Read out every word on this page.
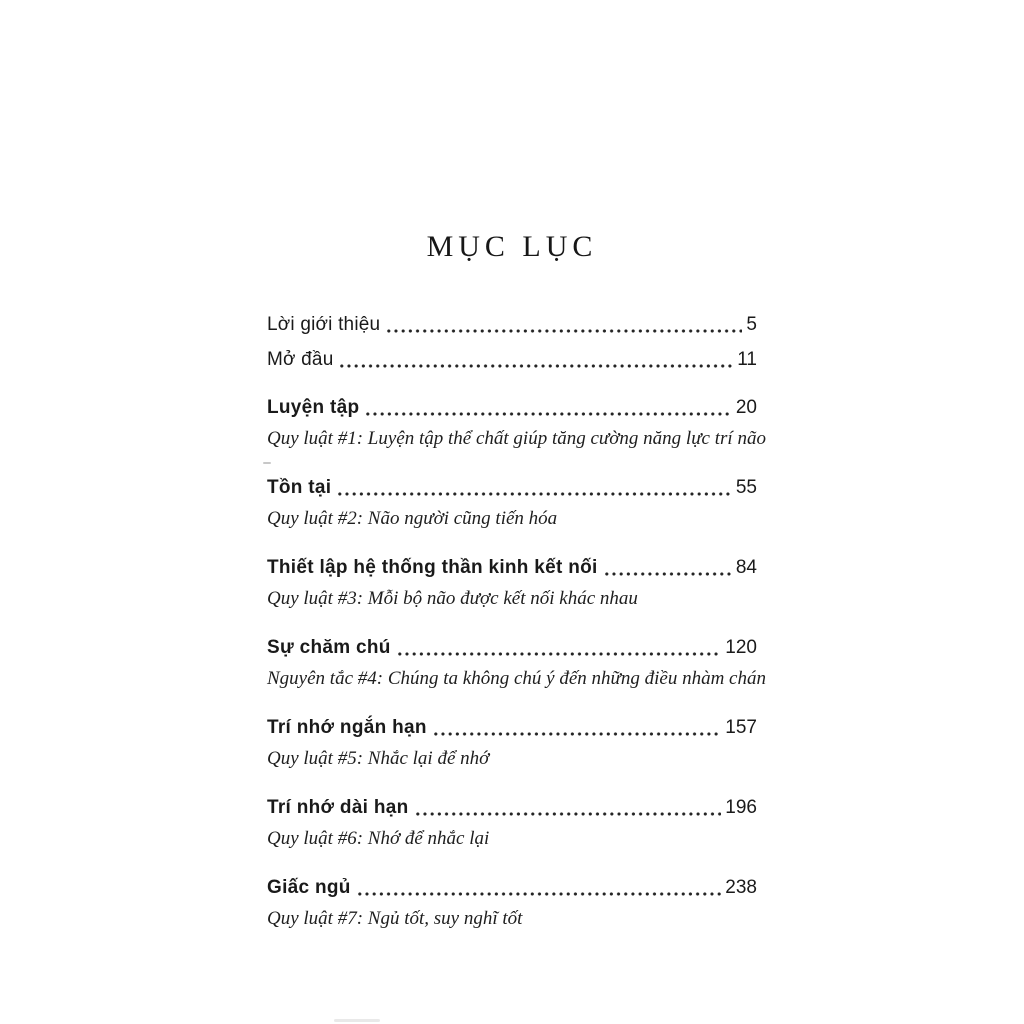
MỤC LỤC
Lời giới thiệu	5
Mở đầu	11
Luyện tập	20
Quy luật #1: Luyện tập thể chất giúp tăng cường năng lực trí não
Tồn tại	55
Quy luật #2: Não người cũng tiến hóa
Thiết lập hệ thống thần kinh kết nối	84
Quy luật #3: Mỗi bộ não được kết nối khác nhau
Sự chăm chú	120
Nguyên tắc #4: Chúng ta không chú ý đến những điều nhàm chán
Trí nhớ ngắn hạn	157
Quy luật #5: Nhắc lại để nhớ
Trí nhớ dài hạn	196
Quy luật #6: Nhớ để nhắc lại
Giấc ngủ	238
Quy luật #7: Ngủ tốt, suy nghĩ tốt
